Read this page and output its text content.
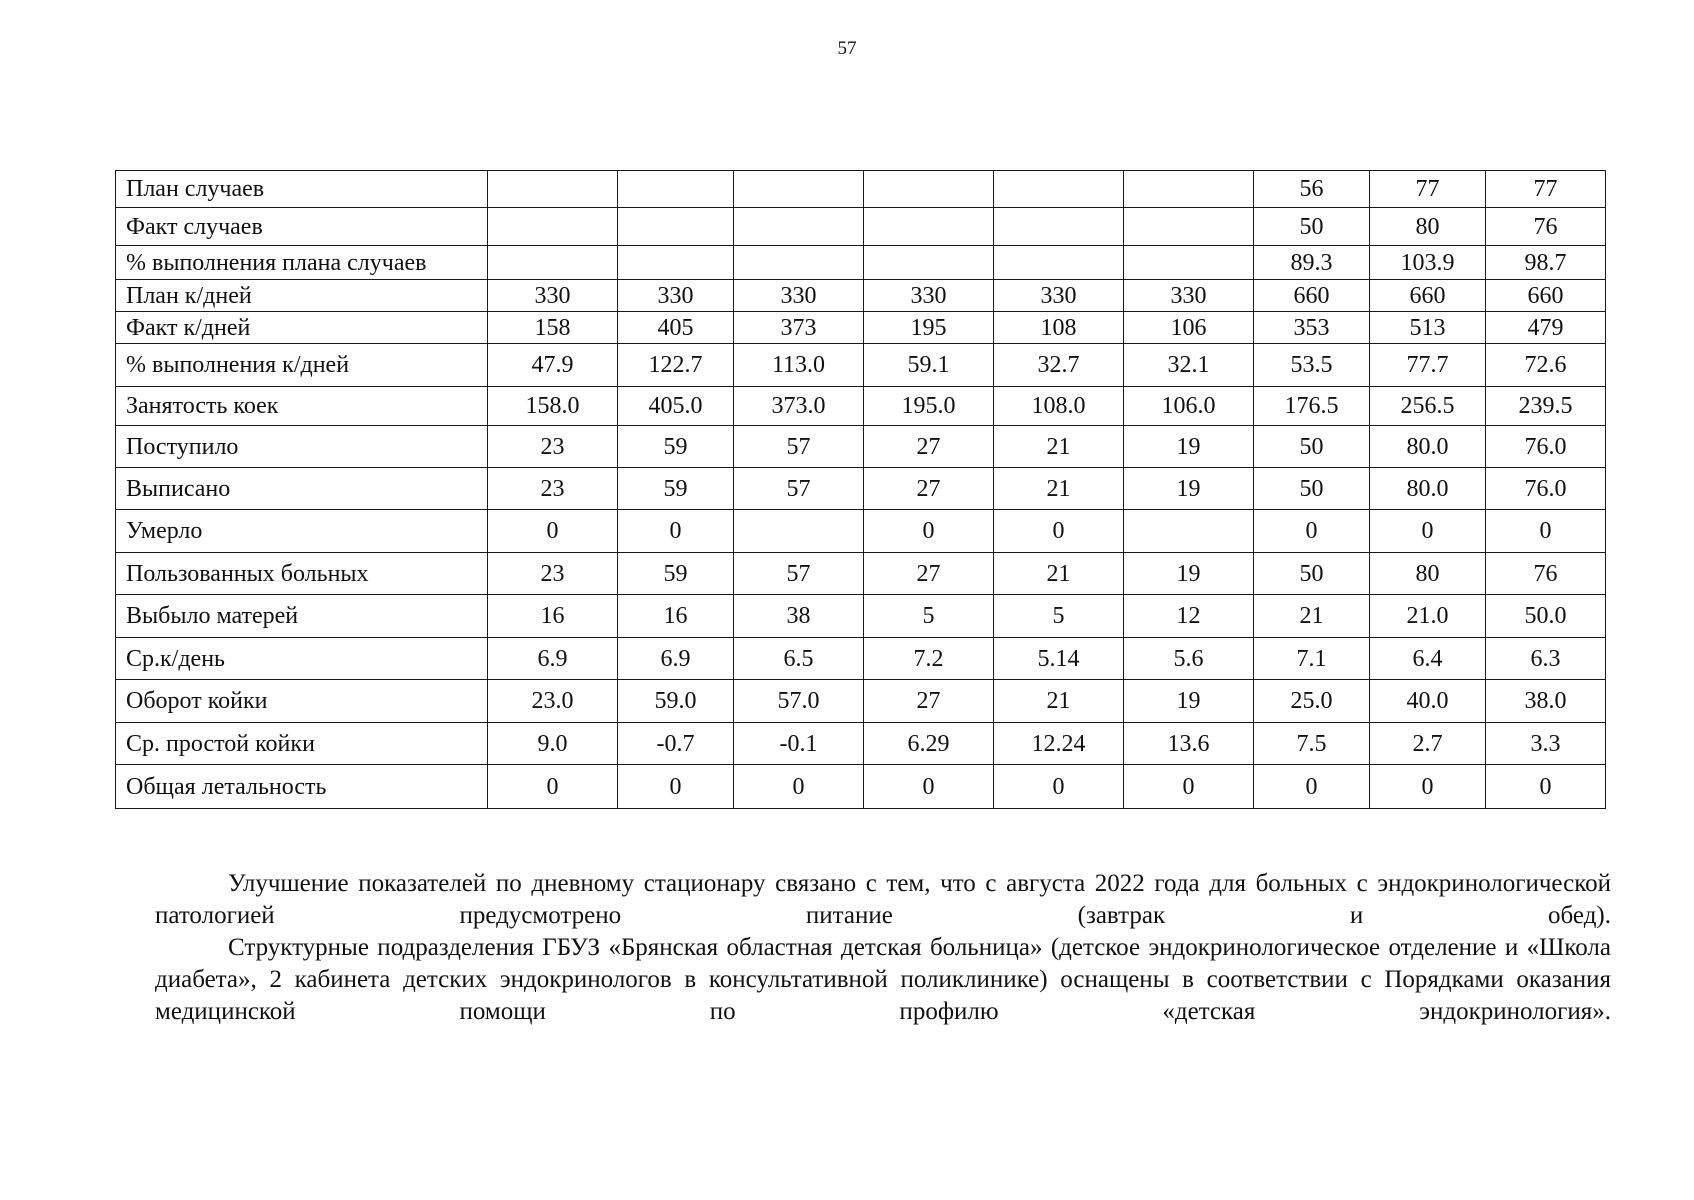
57
План случаев							56	77	77
Факт случаев							50	80	76
% выполнения плана случаев							89.3	103.9	98.7
План к/дней	330	330	330	330	330	330	660	660	660
Факт к/дней	158	405	373	195	108	106	353	513	479
% выполнения к/дней	47.9	122.7	113.0	59.1	32.7	32.1	53.5	77.7	72.6
Занятость коек	158.0	405.0	373.0	195.0	108.0	106.0	176.5	256.5	239.5
Поступило	23	59	57	27	21	19	50	80.0	76.0
Выписано	23	59	57	27	21	19	50	80.0	76.0
Умерло	0	0		0	0		0	0	0
Пользованных больных	23	59	57	27	21	19	50	80	76
Выбыло матерей	16	16	38	5	5	12	21	21.0	50.0
Ср.к/день	6.9	6.9	6.5	7.2	5.14	5.6	7.1	6.4	6.3
Оборот койки	23.0	59.0	57.0	27	21	19	25.0	40.0	38.0
Ср. простой койки	9.0	-0.7	-0.1	6.29	12.24	13.6	7.5	2.7	3.3
Общая летальность	0	0	0	0	0	0	0	0	0

Улучшение показателей по дневному стационару связано с тем, что с августа 2022 года для больных с эндокринологической патологией предусмотрено питание (завтрак и обед).

Структурные подразделения ГБУЗ «Брянская областная детская больница» (детское эндокринологическое отделение и «Школа диабета», 2 кабинета детских эндокринологов в консультативной поликлинике) оснащены в соответствии с Порядками оказания медицинской помощи по профилю «детская эндокринология».
